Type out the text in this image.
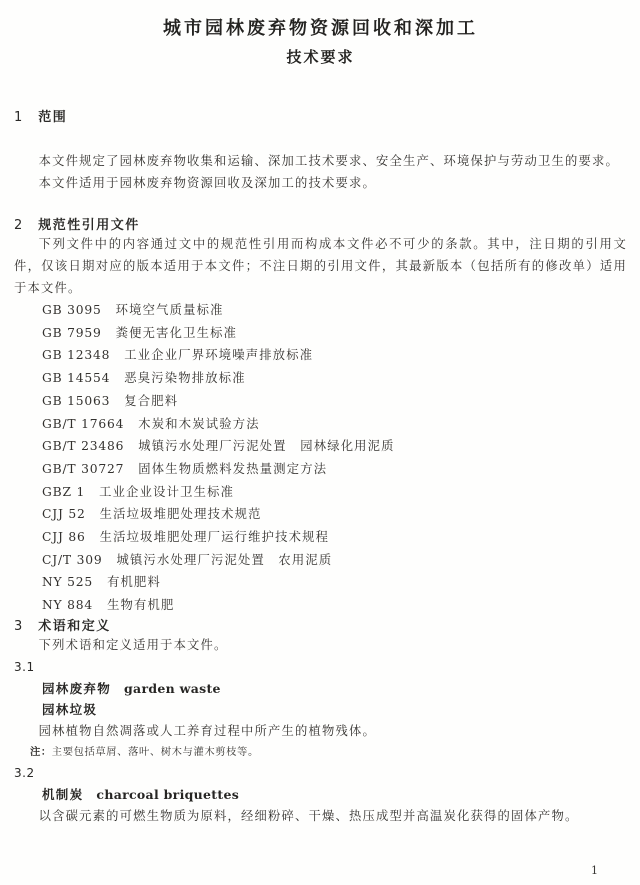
城市园林废弃物资源回收和深加工
技术要求
1 范围

本文件规定了园林废弃物收集和运输、深加工技术要求、安全生产、环境保护与劳动卫生的要求。

本文件适用于园林废弃物资源回收及深加工的技术要求。

2 规范性引用文件

下列文件中的内容通过文中的规范性引用而构成本文件必不可少的条款。其中，注日期的引用文件，仅该日期对应的版本适用于本文件；不注日期的引用文件，其最新版本（包括所有的修改单）适用于本文件。

GB 3095 环境空气质量标准
GB 7959 粪便无害化卫生标准
GB 12348 工业企业厂界环境噪声排放标准
GB 14554 恶臭污染物排放标准
GB 15063 复合肥料
GB/T 17664 木炭和木炭试验方法
GB/T 23486 城镇污水处理厂污泥处置　园林绿化用泥质
GB/T 30727 固体生物质燃料发热量测定方法
GBZ 1 工业企业设计卫生标准
CJJ 52 生活垃圾堆肥处理技术规范
CJJ 86 生活垃圾堆肥处理厂运行维护技术规程
CJ/T 309 城镇污水处理厂污泥处置　农用泥质
NY 525 有机肥料
NY 884 生物有机肥
3 术语和定义

下列术语和定义适用于本文件。

3.1
园林废弃物 garden waste
园林垃圾

园林植物自然凋落或人工养育过程中所产生的植物残体。

注：主要包括草屑、落叶、树木与灌木剪枝等。
3.2
机制炭 charcoal briquettes

以含碳元素的可燃生物质为原料，经细粉碎、干燥、热压成型并高温炭化获得的固体产物。

1
